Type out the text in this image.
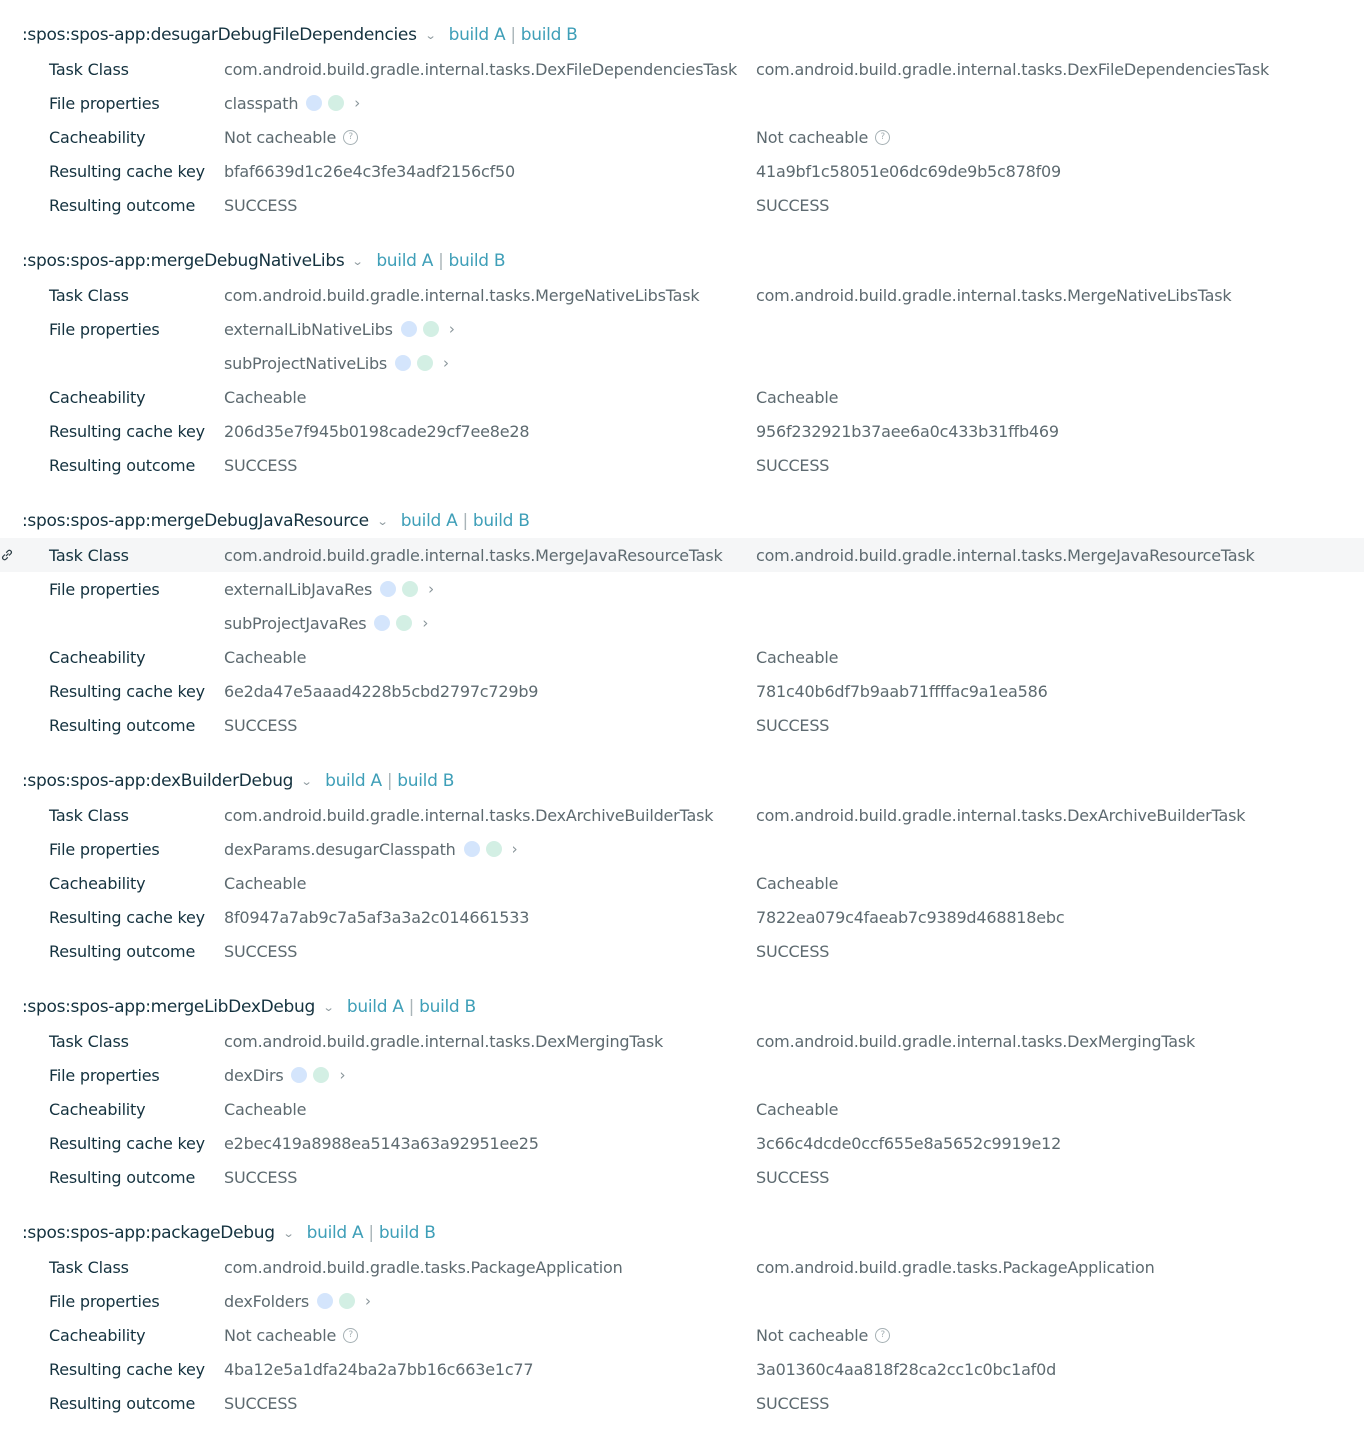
:spos:spos-app:desugarDebugFileDependencies ⌄ build A | build B
Task Class	com.android.build.gradle.internal.tasks.DexFileDependenciesTask com.android.build.gradle.internal.tasks.DexFileDependenciesTask
File properties	classpath	›
Cacheability	Not cacheable	?	Not cacheable	?
Resulting cache key bfaf6639d1c26e4c3fe34adf2156cf50	41a9bf1c58051e06dc69de9b5c878f09
Resulting outcome SUCCESS	SUCCESS
:spos:spos-app:mergeDebugNativeLibs ⌄ build A | build B
Task Class	com.android.build.gradle.internal.tasks.MergeNativeLibsTask	com.android.build.gradle.internal.tasks.MergeNativeLibsTask
File properties	externalLibNativeLibs	›
subProjectNativeLibs	›
Cacheability	Cacheable	Cacheable
Resulting cache key 206d35e7f945b0198cade29cf7ee8e28	956f232921b37aee6a0c433b31ffb469
Resulting outcome SUCCESS	SUCCESS
:spos:spos-app:mergeDebugJavaResource ⌄ build A | build B
Task Class	com.android.build.gradle.internal.tasks.MergeJavaResourceTask com.android.build.gradle.internal.tasks.MergeJavaResourceTask
File properties	externalLibJavaRes	›
subProjectJavaRes	›
Cacheability	Cacheable	Cacheable
Resulting cache key 6e2da47e5aaad4228b5cbd2797c729b9	781c40b6df7b9aab71ffffac9a1ea586
Resulting outcome SUCCESS	SUCCESS
:spos:spos-app:dexBuilderDebug ⌄ build A | build B
Task Class	com.android.build.gradle.internal.tasks.DexArchiveBuilderTask	com.android.build.gradle.internal.tasks.DexArchiveBuilderTask
File properties	dexParams.desugarClasspath	›
Cacheability	Cacheable	Cacheable
Resulting cache key 8f0947a7ab9c7a5af3a3a2c014661533	7822ea079c4faeab7c9389d468818ebc
Resulting outcome SUCCESS	SUCCESS
:spos:spos-app:mergeLibDexDebug ⌄ build A | build B
Task Class	com.android.build.gradle.internal.tasks.DexMergingTask	com.android.build.gradle.internal.tasks.DexMergingTask
File properties	dexDirs	›
Cacheability	Cacheable	Cacheable
Resulting cache key e2bec419a8988ea5143a63a92951ee25	3c66c4dcde0ccf655e8a5652c9919e12
Resulting outcome SUCCESS	SUCCESS
:spos:spos-app:packageDebug ⌄ build A | build B
Task Class	com.android.build.gradle.tasks.PackageApplication	com.android.build.gradle.tasks.PackageApplication
File properties	dexFolders	›
Cacheability	Not cacheable	?	Not cacheable	?
Resulting cache key 4ba12e5a1dfa24ba2a7bb16c663e1c77	3a01360c4aa818f28ca2cc1c0bc1af0d
Resulting outcome SUCCESS	SUCCESS
